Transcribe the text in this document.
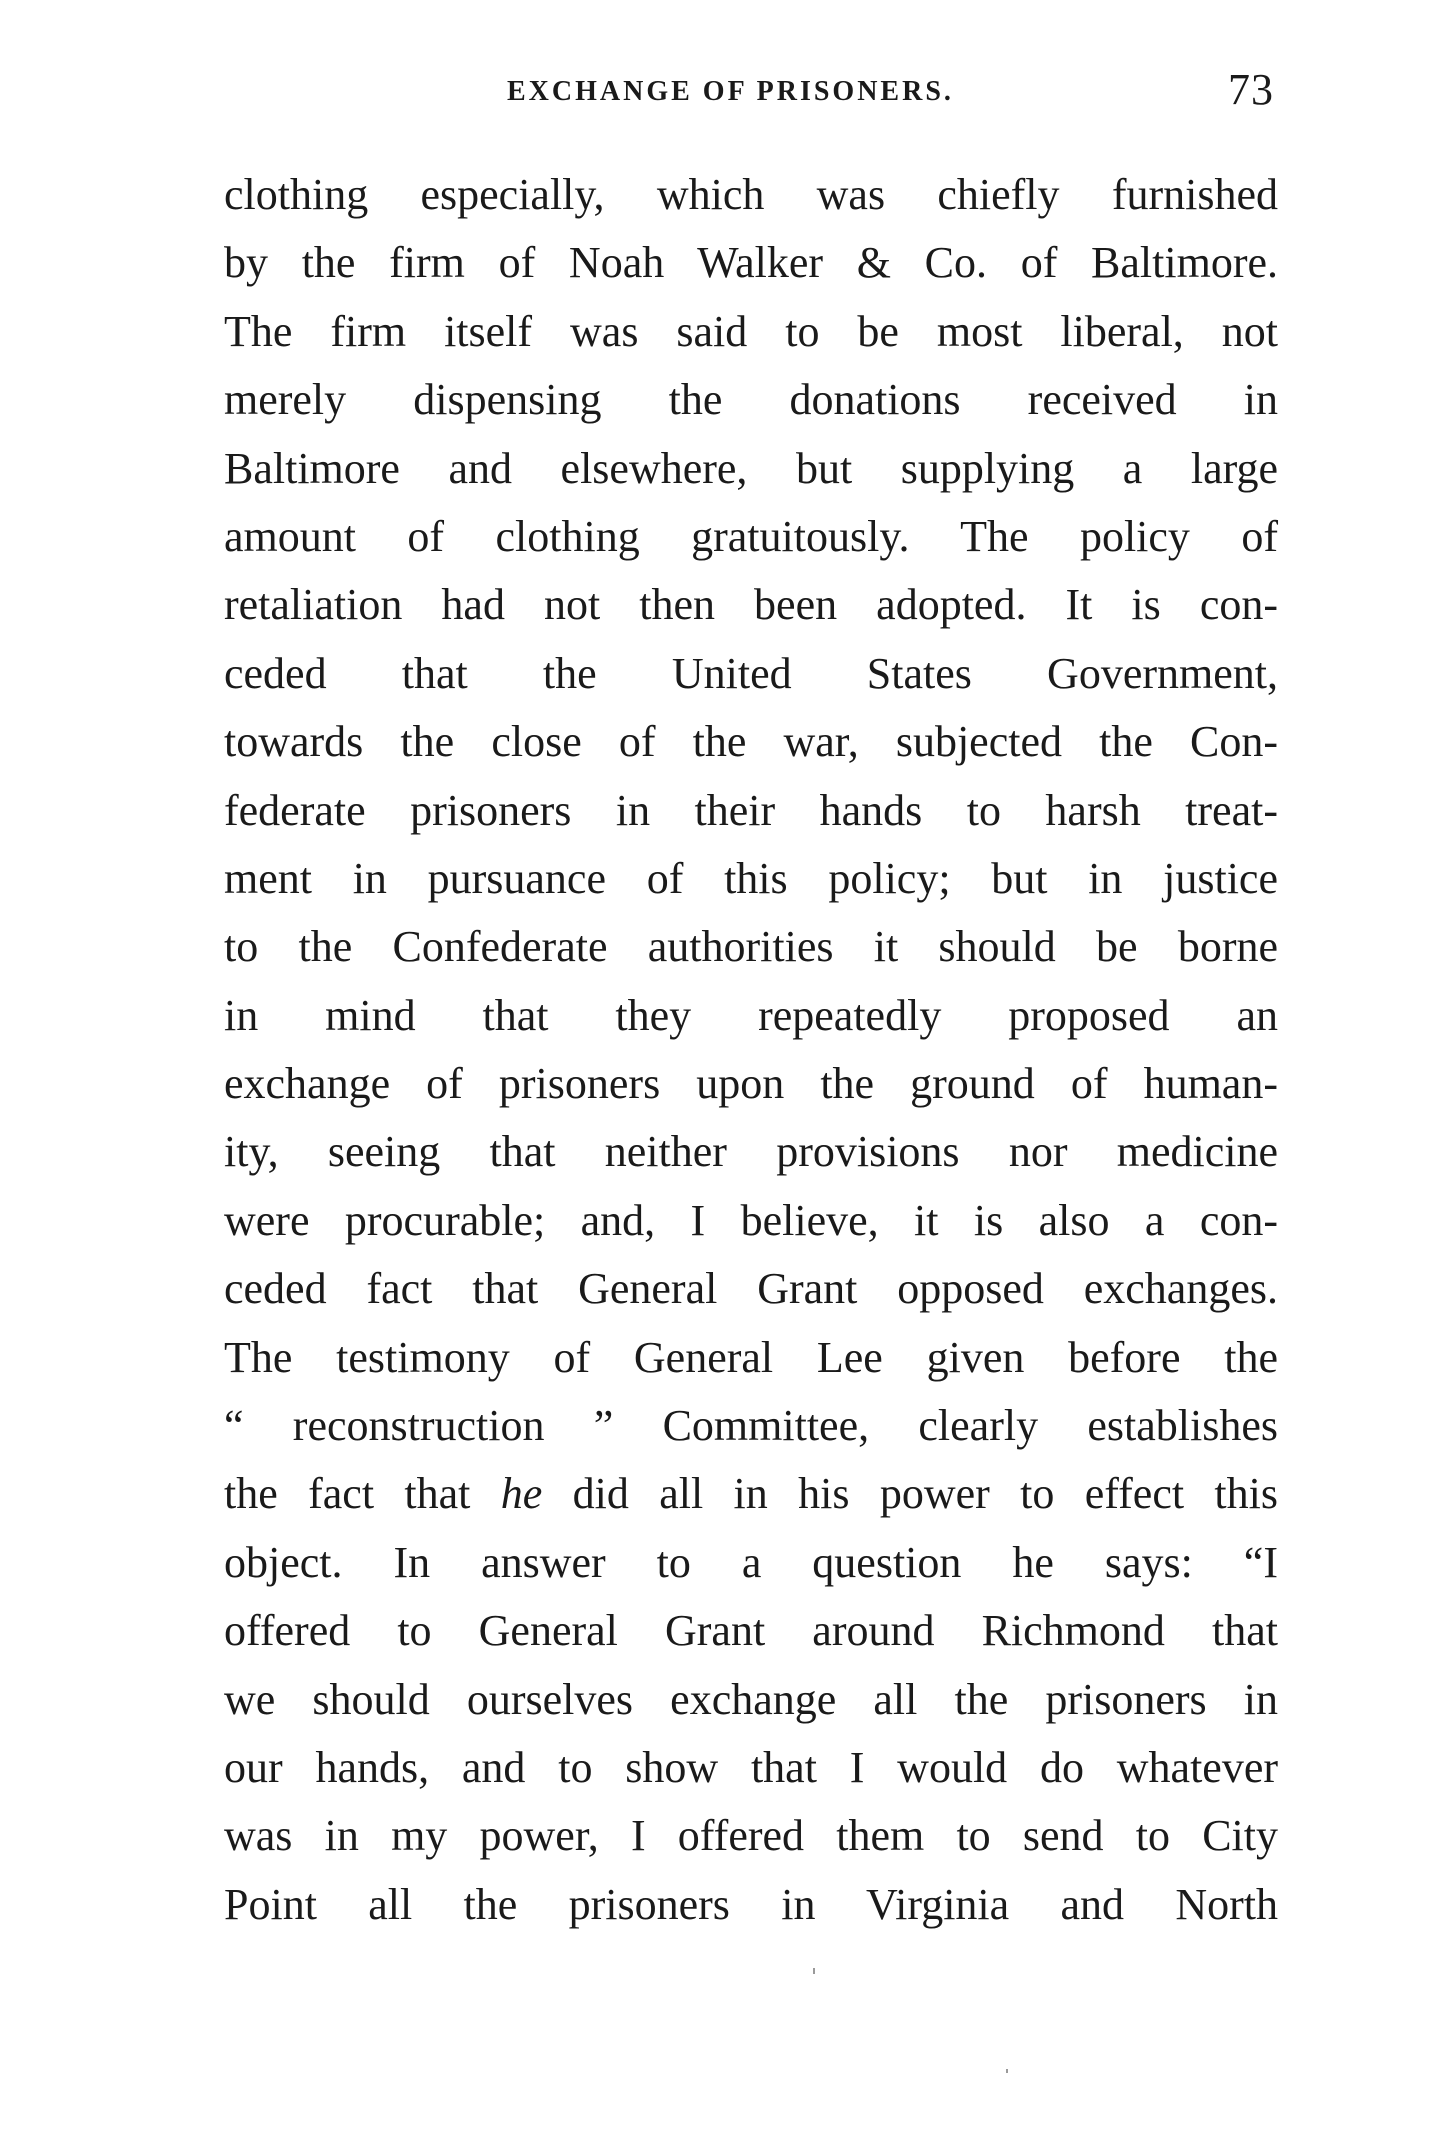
EXCHANGE OF PRISONERS.	73
clothing especially, which was chiefly furnished
by the firm of Noah Walker & Co. of Baltimore.
The firm itself was said to be most liberal, not
merely dispensing the donations received in
Baltimore and elsewhere, but supplying a large
amount of clothing gratuitously. The policy of
retaliation had not then been adopted. It is con-
ceded that the United States Government,
towards the close of the war, subjected the Con-
federate prisoners in their hands to harsh treat-
ment in pursuance of this policy; but in justice
to the Confederate authorities it should be borne
in mind that they repeatedly proposed an
exchange of prisoners upon the ground of human-
ity, seeing that neither provisions nor medicine
were procurable; and, I believe, it is also a con-
ceded fact that General Grant opposed exchanges.
The testimony of General Lee given before the
“ reconstruction ” Committee, clearly establishes
the fact that he did all in his power to effect this
object. In answer to a question he says: “I
offered to General Grant around Richmond that
we should ourselves exchange all the prisoners in
our hands, and to show that I would do whatever
was in my power, I offered them to send to City
Point all the prisoners in Virginia and North
